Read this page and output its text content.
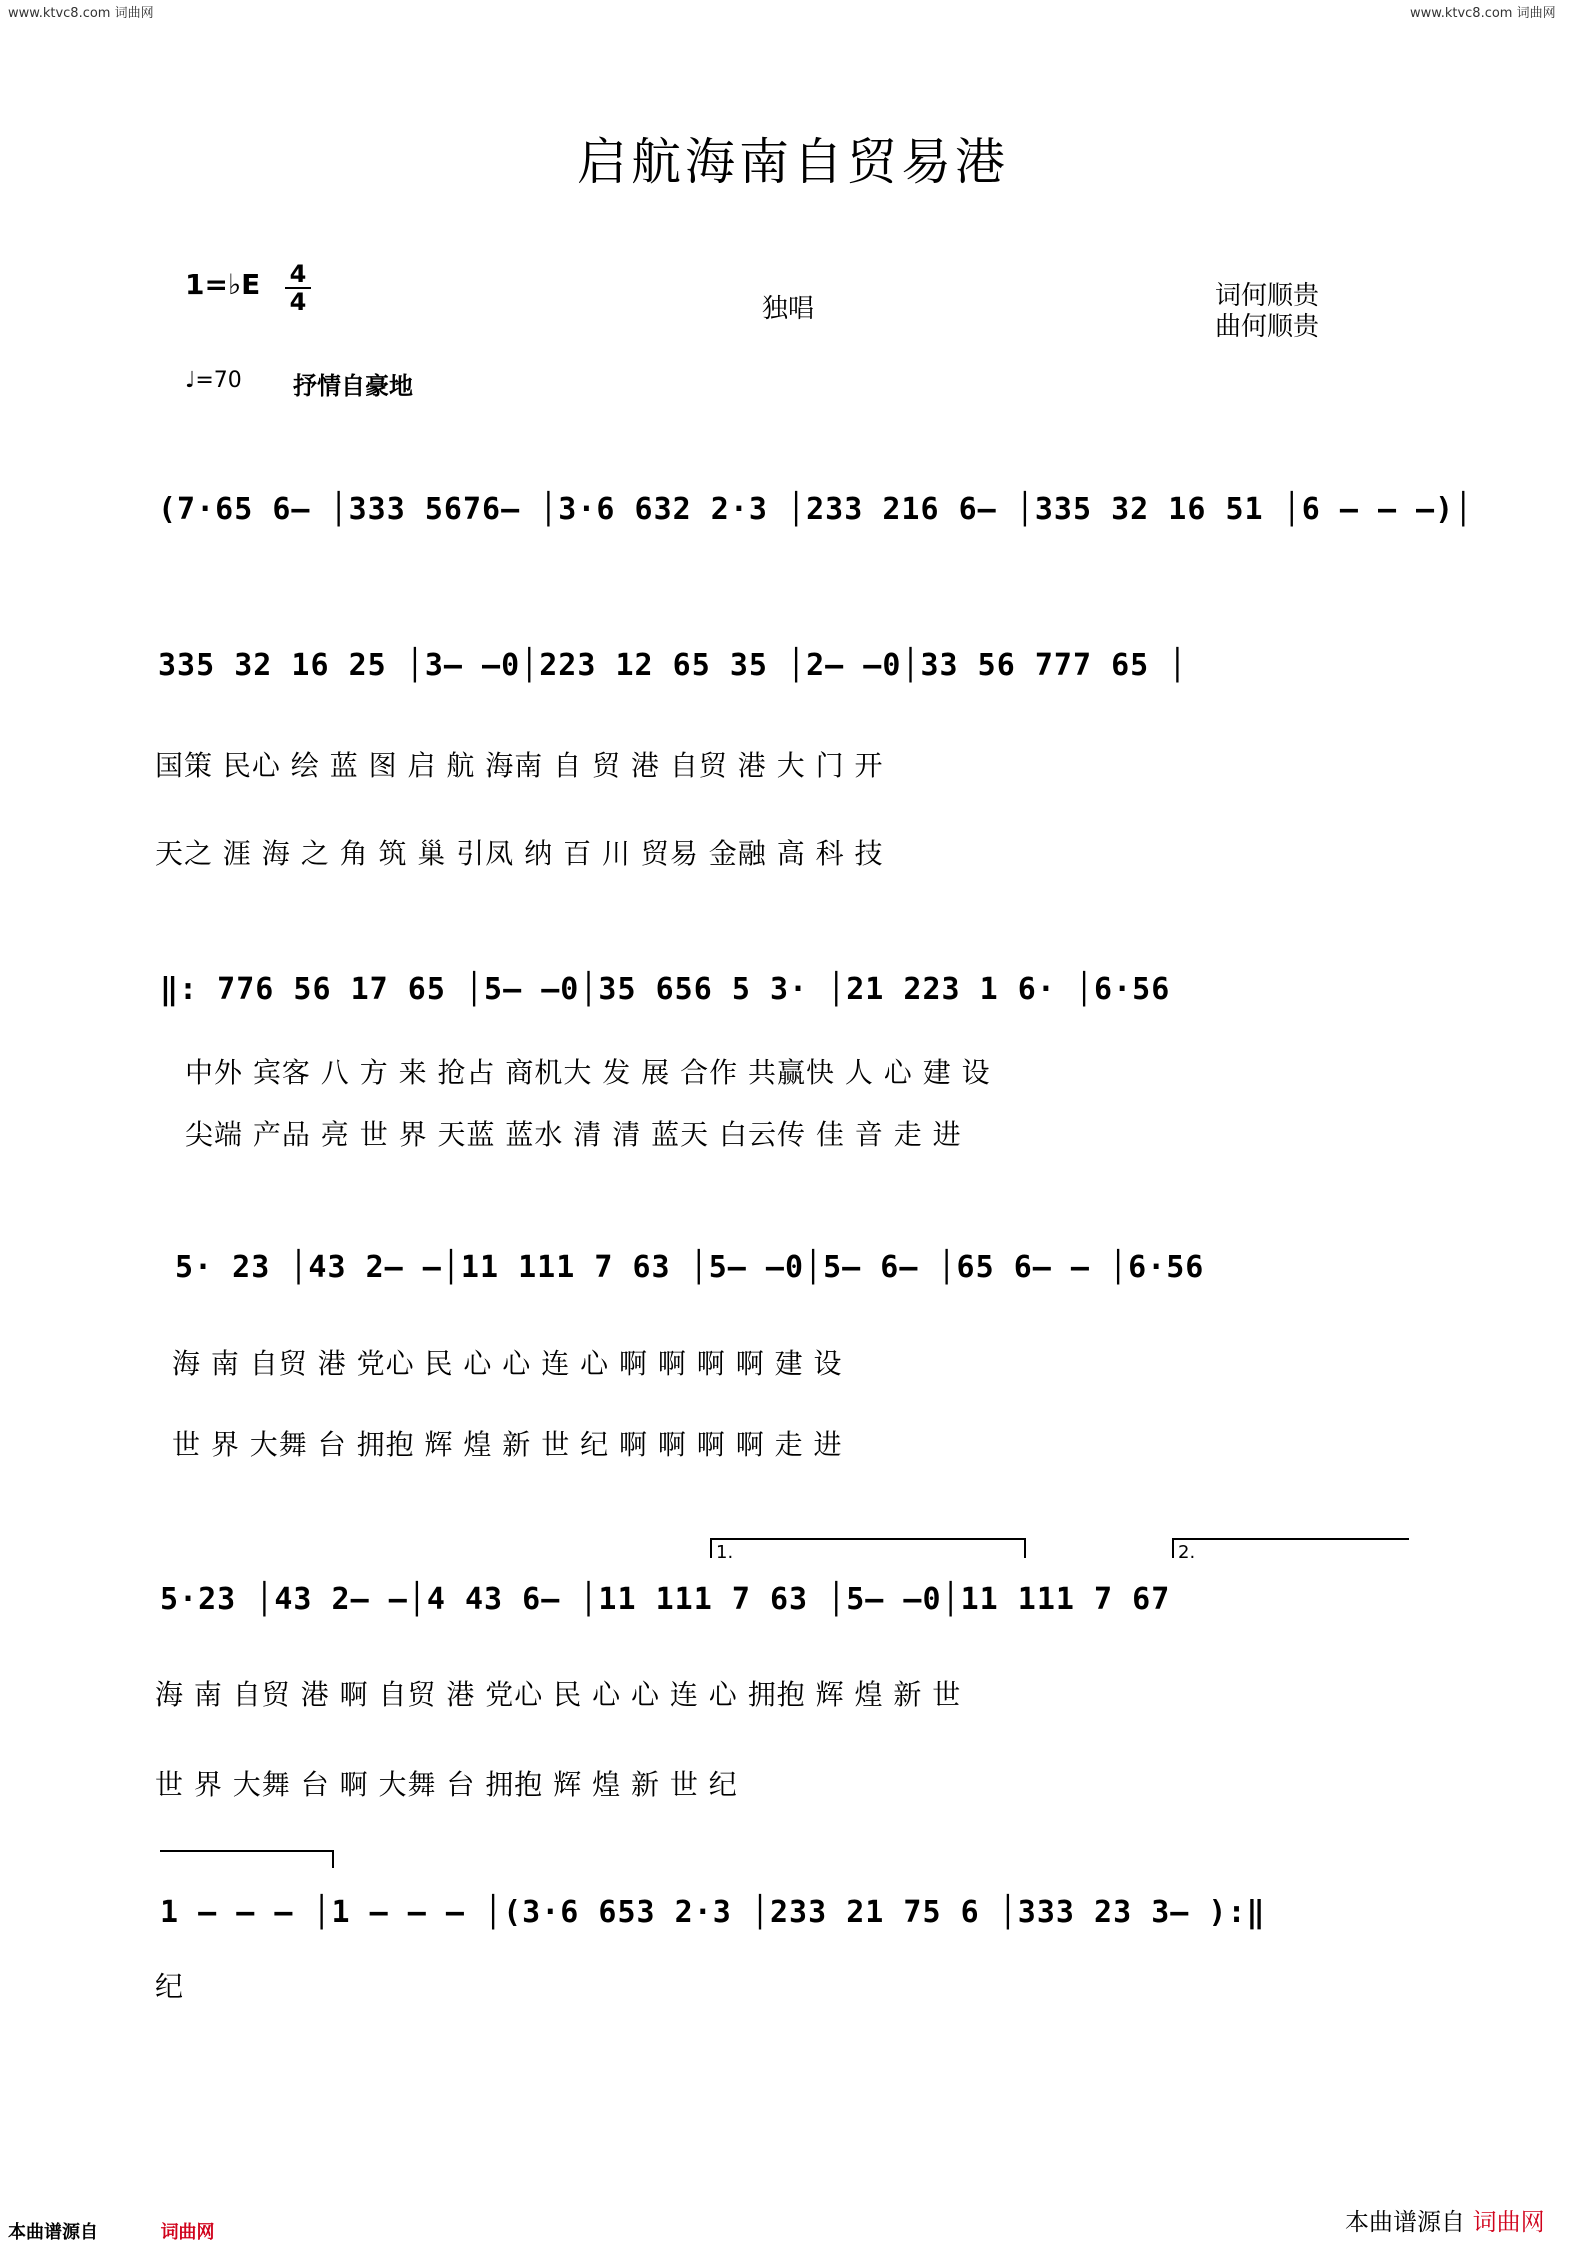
www.ktvc8.com 词曲网	www.ktvc8.com 词曲网
启航海南自贸易港
1=♭E 4
4	独唱	词何顺贵
曲何顺贵
♩=70 抒情自豪地
(7·65 6– │333 5676– │3·6 632 2·3 │233 216 6– │335 32 16 51 │6 – – –)│
335 32 16 25 │3– –0│223 12 65 35 │2– –0│33 56 777 65 │
国策 民心 绘 蓝 图 启 航 海南 自 贸 港 自贸 港 大 门 开
天之 涯 海 之 角 筑 巢 引凤 纳 百 川 贸易 金融 高 科 技
‖: 776 56 17 65 │5– –0│35 656 5 3· │21 223 1 6· │6·56
中外 宾客 八 方 来 抢占 商机大 发 展 合作 共赢快 人 心 建 设
尖端 产品 亮 世 界 天蓝 蓝水 清 清 蓝天 白云传 佳 音 走 进
5· 23 │43 2– –│11 111 7 63 │5– –0│5– 6– │65 6– – │6·56
海 南 自贸 港 党心 民 心 心 连 心 啊 啊 啊 啊 建 设
世 界 大舞 台 拥抱 辉 煌 新 世 纪 啊 啊 啊 啊 走 进
1.	2.
5·23 │43 2– –│4 43 6– │11 111 7 63 │5– –0│11 111 7 67
海 南 自贸 港 啊 自贸 港 党心 民 心 心 连 心 拥抱 辉 煌 新 世
世 界 大舞 台 啊 大舞 台 拥抱 辉 煌 新 世 纪
1 – – – │1 – – – │(3·6 653 2·3 │233 21 75 6 │333 23 3– ):‖
纪
本曲谱源自	词曲网	本曲谱源自 词曲网
